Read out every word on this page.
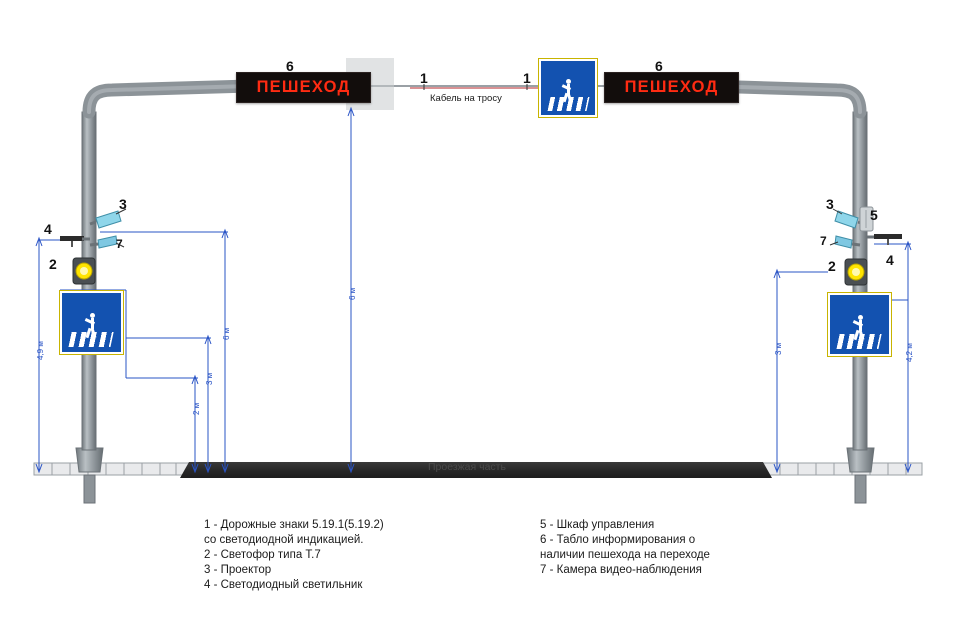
ПЕШЕХОД	ПЕШЕХОД
6	6
1	1
3	3
4
5
7	7
2	2	4
Кабель на тросу
Проезжая часть
6 м
4,9 м
6 м
3 м
2 м
3 м	4,2 м
1 - Дорожные знаки 5.19.1(5.19.2)
со светодиодной индикацией.
2 - Светофор типа Т.7
3 - Проектор
4 - Светодиодный светильник
5 - Шкаф управления
6 - Табло информирования о
наличии пешехода на переходе
7 - Камера видео-наблюдения
